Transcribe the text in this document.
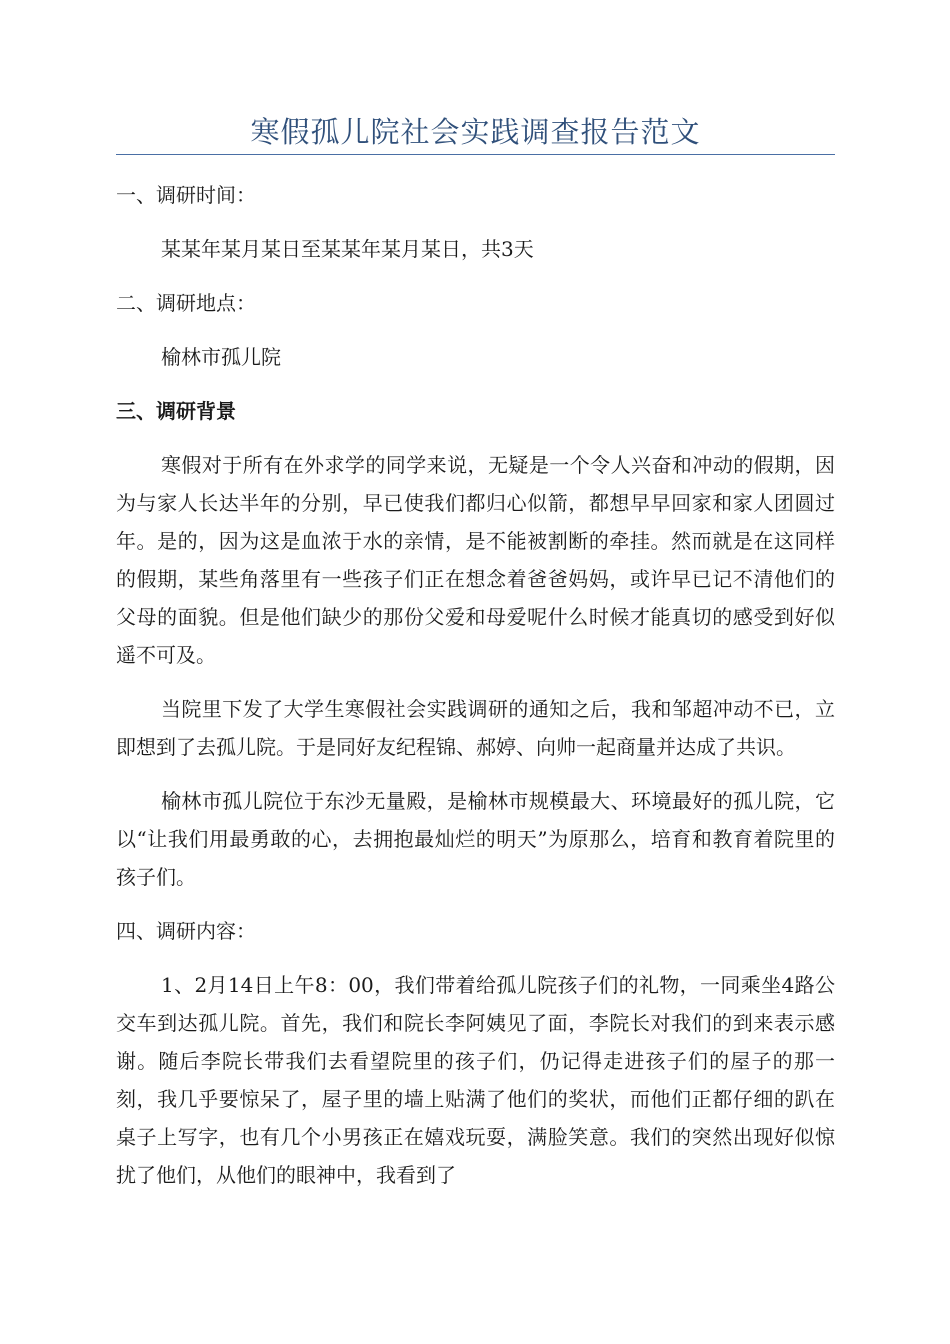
寒假孤儿院社会实践调查报告范文

一、调研时间：

某某年某月某日至某某年某月某日，共3天

二、调研地点：

榆林市孤儿院

三、调研背景

寒假对于所有在外求学的同学来说，无疑是一个令人兴奋和冲动的假期，因为与家人长达半年的分别，早已使我们都归心似箭，都想早早回家和家人团圆过年。是的，因为这是血浓于水的亲情，是不能被割断的牵挂。然而就是在这同样的假期，某些角落里有一些孩子们正在想念着爸爸妈妈，或许早已记不清他们的父母的面貌。但是他们缺少的那份父爱和母爱呢什么时候才能真切的感受到好似遥不可及。

当院里下发了大学生寒假社会实践调研的通知之后，我和邹超冲动不已，立即想到了去孤儿院。于是同好友纪程锦、郝婷、向帅一起商量并达成了共识。

榆林市孤儿院位于东沙无量殿，是榆林市规模最大、环境最好的孤儿院，它以“让我们用最勇敢的心，去拥抱最灿烂的明天”为原那么，培育和教育着院里的孩子们。

四、调研内容：

1、2月14日上午8：00，我们带着给孤儿院孩子们的礼物，一同乘坐4路公交车到达孤儿院。首先，我们和院长李阿姨见了面，李院长对我们的到来表示感谢。随后李院长带我们去看望院里的孩子们，仍记得走进孩子们的屋子的那一刻，我几乎要惊呆了，屋子里的墙上贴满了他们的奖状，而他们正都仔细的趴在桌子上写字，也有几个小男孩正在嬉戏玩耍，满脸笑意。我们的突然出现好似惊扰了他们，从他们的眼神中，我看到了
